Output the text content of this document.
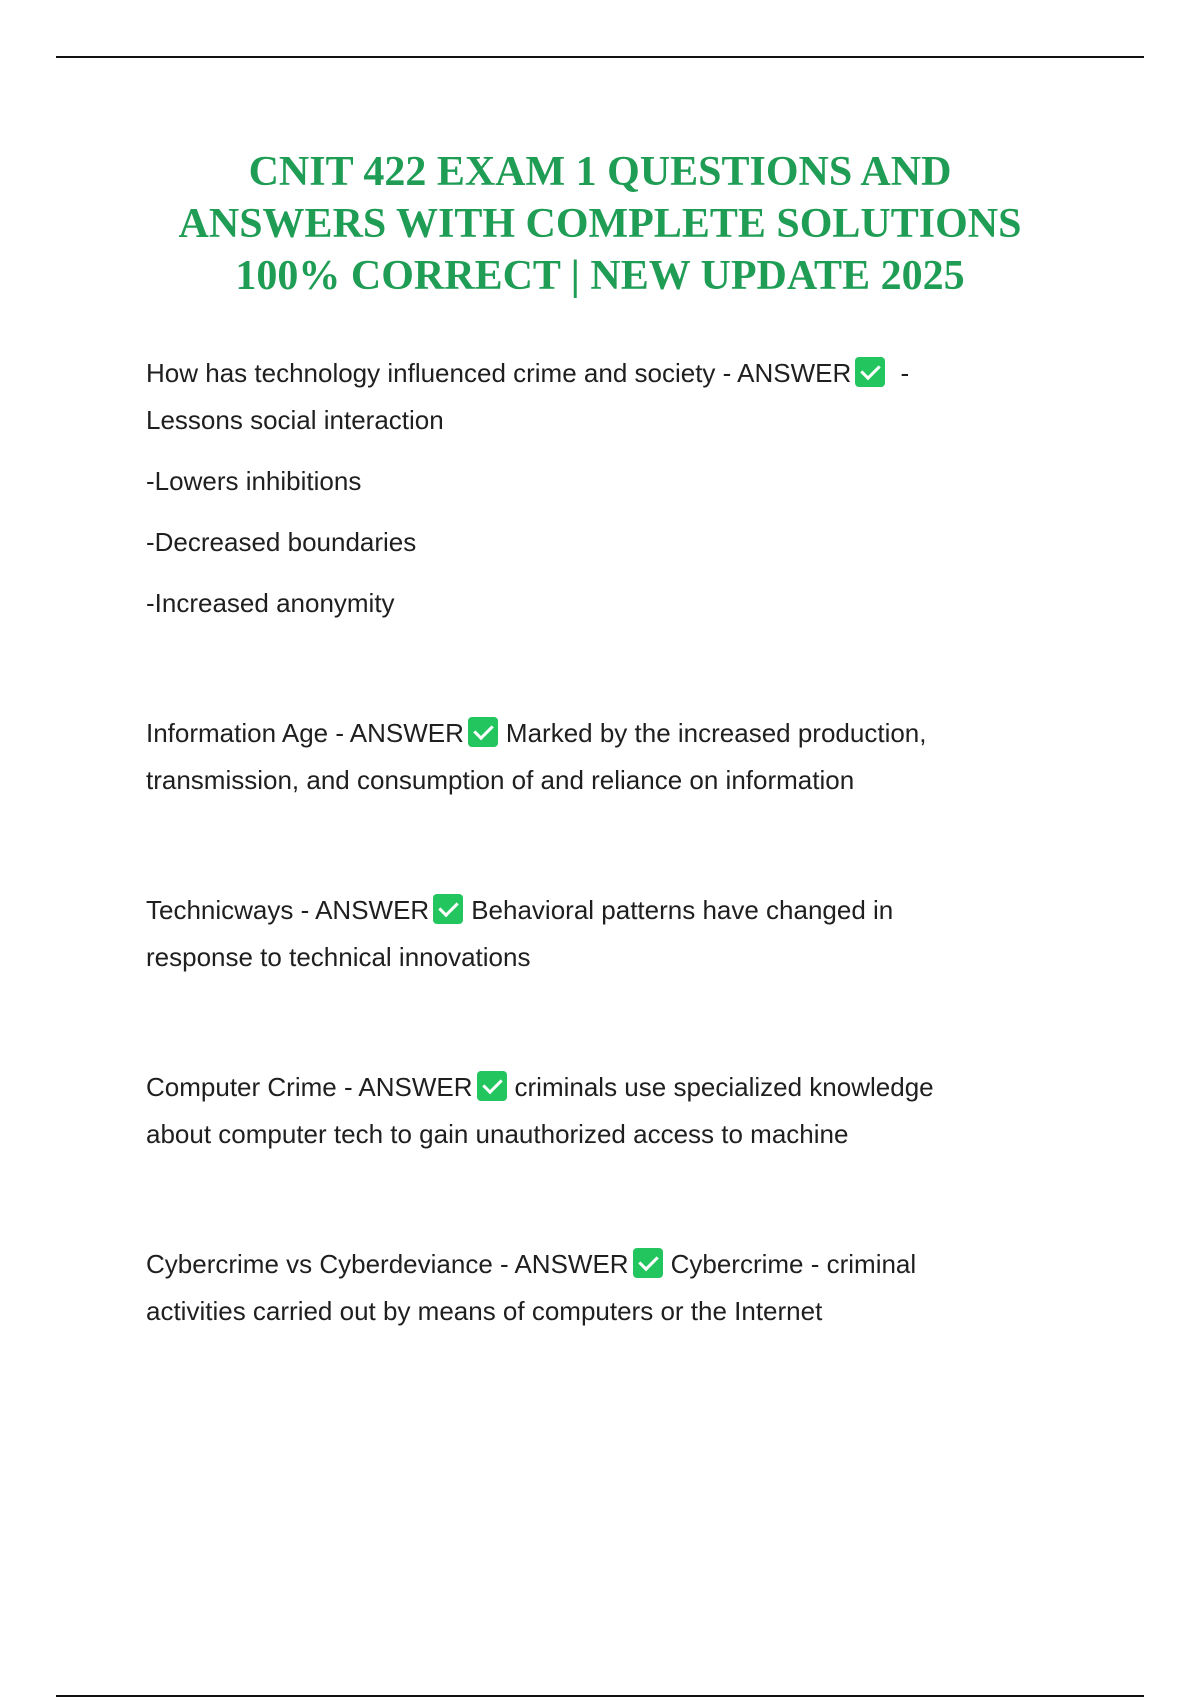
CNIT 422 EXAM 1 QUESTIONS AND
ANSWERS WITH COMPLETE SOLUTIONS
100% CORRECT | NEW UPDATE 2025

How has technology influenced crime and society - ANSWER -

Lessons social interaction

-Lowers inhibitions

-Decreased boundaries

-Increased anonymity

Information Age - ANSWER Marked by the increased production,

transmission, and consumption of and reliance on information

Technicways - ANSWER Behavioral patterns have changed in

response to technical innovations

Computer Crime - ANSWER criminals use specialized knowledge

about computer tech to gain unauthorized access to machine

Cybercrime vs Cyberdeviance - ANSWER Cybercrime - criminal

activities carried out by means of computers or the Internet
